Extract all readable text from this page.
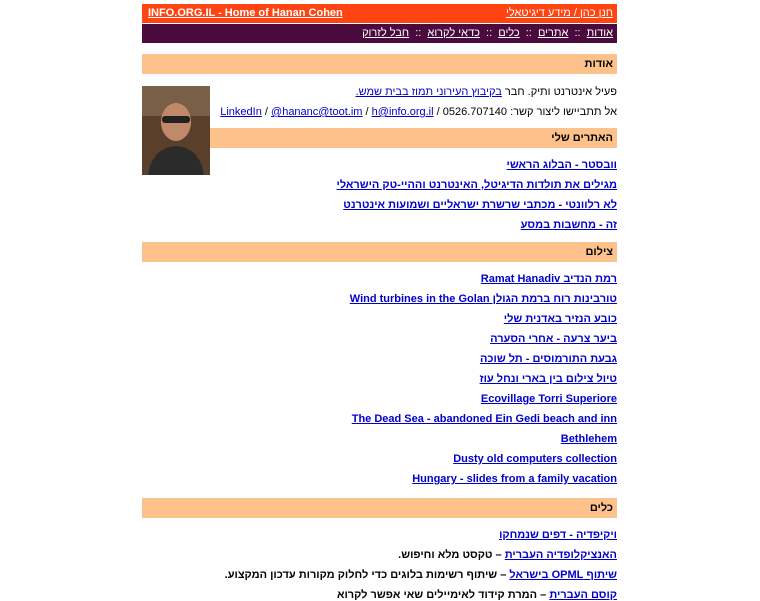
INFO.ORG.IL - Home of Hanan Cohen	חנן כהן / מידע דיגיטאלי
אודות :: אתרים :: כלים :: כדאי לקרוא :: חבל לזרוק
אודות
פעיל אינטרנט ותיק. חבר בקיבוץ העירוני תמוז בבית שמש.
אל תתביישו ליצור קשר: 0526.707140 / LinkedIn / @hananc@toot.im / h@info.org.il
האתרים שלי
וובסטר - הבלוג הראשי
מגילים את תולדות הדיגיטל, האינטרנט וההיי-טק הישראלי
לא רלוונטי - מכתבי שרשרת ישראליים ושמועות אינטרנט
זה - מחשבות במסע
צילום
רמת הנדיב Ramat Hanadiv
טורבינות רוח ברמת הגולן Wind turbines in the Golan
כובע הנזיר באדנית שלי
ביער צרעה - אחרי הסערה
גבעת התורמוסים - תל שוכה
טיול צילום בין בארי ונחל עוז
Ecovillage Torri Superiore
The Dead Sea - abandoned Ein Gedi beach and inn
Bethlehem
Dusty old computers collection
Hungary - slides from a family vacation
כלים
ויקיפדיה - דפים שנמחקו
האנציקלופדיה העברית – טקסט מלא וחיפוש.
שיתוף OPML בישראל – שיתוף רשימות בלוגים כדי לחלוק מקורות עדכון המקצוע.
קוסם העברית – המרת קידוד לאימיילים שאי אפשר לקרוא
